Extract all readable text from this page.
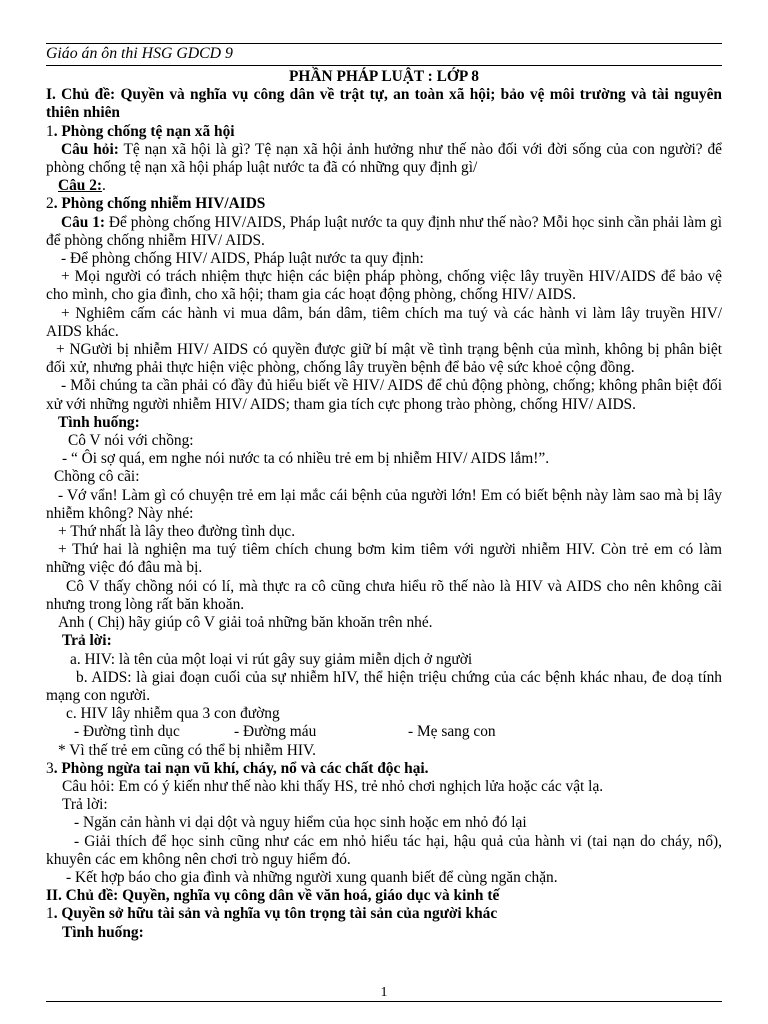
Giáo án ôn thi HSG GDCD 9

PHẦN PHÁP LUẬT : LỚP 8

I. Chủ đề: Quyền và nghĩa vụ công dân về trật tự, an toàn xã hội; bảo vệ môi trường và tài nguyên thiên nhiên

1. Phòng chống tệ nạn xã hội

Câu hỏi: Tệ nạn xã hội là gì? Tệ nạn xã hội ảnh hưởng như thế nào đối với đời sống của con người? để phòng chống tệ nạn xã hội pháp luật nước ta đã có những quy định gì/

Câu 2:.

2. Phòng chống nhiễm HIV/AIDS

Câu 1: Để phòng chống HIV/AIDS, Pháp luật nước ta quy định như thế nào? Mỗi học sinh cần phải làm gì để phòng chống nhiễm HIV/ AIDS.

- Để phòng chống HIV/ AIDS, Pháp luật nước ta quy định:

+ Mọi người có trách nhiệm thực hiện các biện pháp phòng, chống việc lây truyền HIV/AIDS để bảo vệ cho mình, cho gia đình, cho xã hội; tham gia các hoạt động phòng, chống HIV/ AIDS.

+ Nghiêm cấm các hành vi mua dâm, bán dâm, tiêm chích ma tuý và các hành vi làm lây truyền HIV/ AIDS khác.

+ NGười bị nhiễm HIV/ AIDS có quyền được giữ bí mật về tình trạng bệnh của mình, không bị phân biệt đối xử, nhưng phải thực hiện việc phòng, chống lây truyền bệnh để bảo vệ sức khoẻ cộng đồng.

- Mỗi chúng ta cần phải có đầy đủ hiểu biết về HIV/ AIDS để chủ động phòng, chống; không phân biệt đối xử với những người nhiễm HIV/ AIDS; tham gia tích cực phong trào phòng, chống HIV/ AIDS.

Tình huống:

Cô V nói với chồng:

- “ Ôi sợ quá, em nghe nói nước ta có nhiều trẻ em bị nhiễm HIV/ AIDS lắm!”.

Chồng cô cãi:

- Vớ vẩn! Làm gì có chuyện trẻ em lại mắc cái bệnh của người lớn! Em có biết bệnh này làm sao mà bị lây nhiễm không? Này nhé:

+ Thứ nhất là lây theo đường tình dục.

+ Thứ hai là nghiện ma tuý tiêm chích chung bơm kim tiêm với người nhiễm HIV. Còn trẻ em có làm những việc đó đâu mà bị.

Cô V thấy chồng nói có lí, mà thực ra cô cũng chưa hiểu rõ thế nào là HIV và AIDS cho nên không cãi nhưng trong lòng rất băn khoăn.

Anh ( Chị) hãy giúp cô V giải toả những băn khoăn trên nhé.

Trả lời:

a. HIV: là tên của một loại vi rút gây suy giảm miễn dịch ở người

b. AIDS: là giai đoạn cuối của sự nhiễm hIV, thể hiện triệu chứng của các bệnh khác nhau, đe doạ tính mạng con người.

c. HIV lây nhiễm qua 3 con đường

- Đường tình dục	- Đường máu	- Mẹ sang con

* Vì thế trẻ em cũng có thể bị nhiễm HIV.

3. Phòng ngừa tai nạn vũ khí, cháy, nổ và các chất độc hại.

Câu hỏi: Em có ý kiến như thế nào khi thấy HS, trẻ nhỏ chơi nghịch lửa hoặc các vật lạ.

Trả lời:

- Ngăn cản hành vi dại dột và nguy hiểm của học sinh hoặc em nhỏ đó lại

- Giải thích để học sinh cũng như các em nhỏ hiểu tác hại, hậu quả của hành vi (tai nạn do cháy, nổ), khuyên các em không nên chơi trò nguy hiểm đó.

- Kết hợp báo cho gia đình và những người xung quanh biết để cùng ngăn chặn.

II. Chủ đề: Quyền, nghĩa vụ công dân về văn hoá, giáo dục và kinh tế

1. Quyền sở hữu tài sản và nghĩa vụ tôn trọng tài sản của người khác

Tình huống:

1
